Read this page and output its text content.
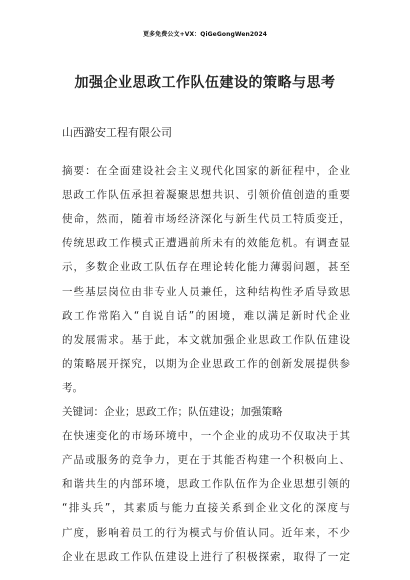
更多免费公文+VX：QiGeGongWen2024
加强企业思政工作队伍建设的策略与思考
山西潞安工程有限公司
摘要：在全面建设社会主义现代化国家的新征程中，企业
思政工作队伍承担着凝聚思想共识、引领价值创造的重要
使命，然而，随着市场经济深化与新生代员工特质变迁，
传统思政工作模式正遭遇前所未有的效能危机。有调查显
示，多数企业政工队伍存在理论转化能力薄弱问题，甚至
一些基层岗位由非专业人员兼任，这种结构性矛盾导致思
政工作常陷入“自说自话”的困境，难以满足新时代企业
的发展需求。基于此，本文就加强企业思政工作队伍建设
的策略展开探究，以期为企业思政工作的创新发展提供参
考。
关键词：企业；思政工作；队伍建设；加强策略
在快速变化的市场环境中，一个企业的成功不仅取决于其
产品或服务的竞争力，更在于其能否构建一个积极向上、
和谐共生的内部环境，思政工作队伍作为企业思想引领的
“排头兵”，其素质与能力直接关系到企业文化的深度与
广度，影响着员工的行为模式与价值认同。近年来，不少
企业在思政工作队伍建设上进行了积极探索，取得了一定
